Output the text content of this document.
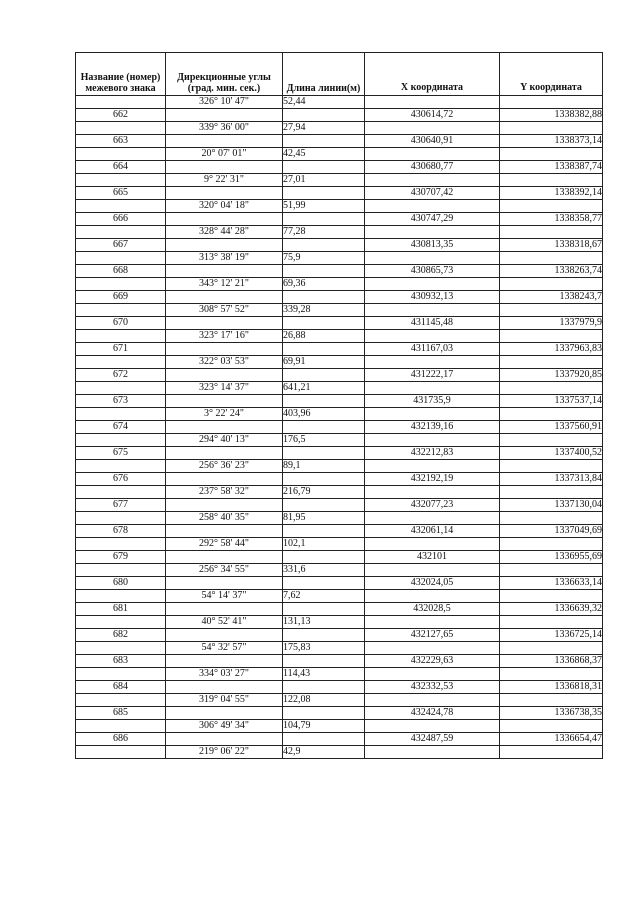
Название (номер) межевого знака	Дирекционные углы (град. мин. сек.)	Длина линии(м)	X координата	Y координата
	326° 10' 47"	52,44		
662			430614,72	1338382,88
	339° 36' 00"	27,94		
663			430640,91	1338373,14
	20° 07' 01"	42,45		
664			430680,77	1338387,74
	9° 22' 31"	27,01		
665			430707,42	1338392,14
	320° 04' 18"	51,99		
666			430747,29	1338358,77
	328° 44' 28"	77,28		
667			430813,35	1338318,67
	313° 38' 19"	75,9		
668			430865,73	1338263,74
	343° 12' 21"	69,36		
669			430932,13	1338243,7
	308° 57' 52"	339,28		
670			431145,48	1337979,9
	323° 17' 16"	26,88		
671			431167,03	1337963,83
	322° 03' 53"	69,91		
672			431222,17	1337920,85
	323° 14' 37"	641,21		
673			431735,9	1337537,14
	3° 22' 24"	403,96		
674			432139,16	1337560,91
	294° 40' 13"	176,5		
675			432212,83	1337400,52
	256° 36' 23"	89,1		
676			432192,19	1337313,84
	237° 58' 32"	216,79		
677			432077,23	1337130,04
	258° 40' 35"	81,95		
678			432061,14	1337049,69
	292° 58' 44"	102,1		
679			432101	1336955,69
	256° 34' 55"	331,6		
680			432024,05	1336633,14
	54° 14' 37"	7,62		
681			432028,5	1336639,32
	40° 52' 41"	131,13		
682			432127,65	1336725,14
	54° 32' 57"	175,83		
683			432229,63	1336868,37
	334° 03' 27"	114,43		
684			432332,53	1336818,31
	319° 04' 55"	122,08		
685			432424,78	1336738,35
	306° 49' 34"	104,79		
686			432487,59	1336654,47
	219° 06' 22"	42,9		
